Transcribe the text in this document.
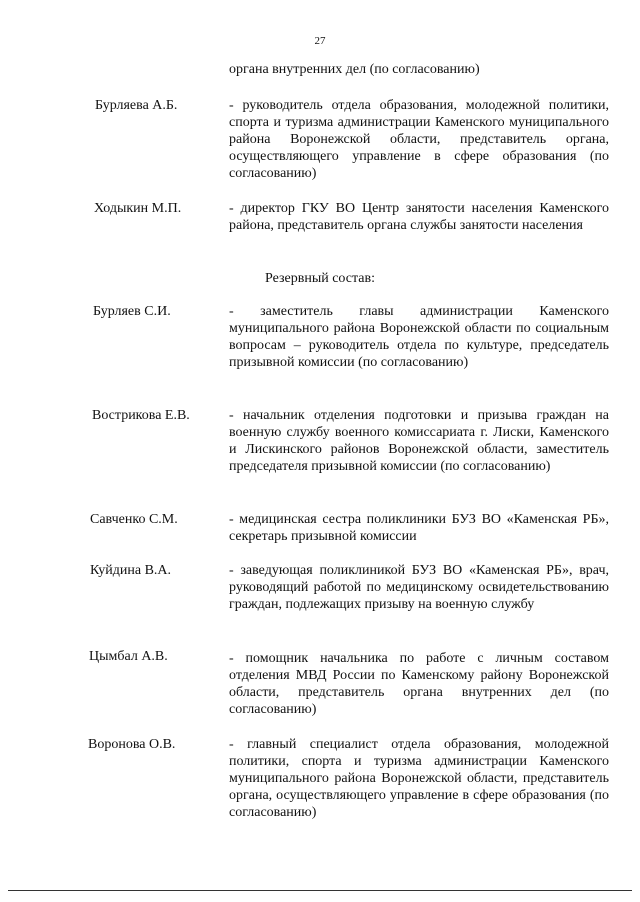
27
органа внутренних дел (по согласованию)
Бурляева А.Б.	- руководитель отдела образования, молодежной политики, спорта и туризма администрации Каменского муниципального района Воронежской области, представитель органа, осуществляющего управление в сфере образования (по согласованию)
Ходыкин М.П.	- директор ГКУ ВО Центр занятости населения Каменского района, представитель органа службы занятости населения
Резервный состав:
Бурляев С.И.	- заместитель главы администрации Каменского муниципального района Воронежской области по социальным вопросам – руководитель отдела по культуре, председатель призывной комиссии (по согласованию)
Вострикова Е.В.	- начальник отделения подготовки и призыва граждан на военную службу военного комиссариата г. Лиски, Каменского и Лискинского районов Воронежской области, заместитель председателя призывной комиссии (по согласованию)
Савченко С.М.	- медицинская сестра поликлиники БУЗ ВО «Каменская РБ», секретарь призывной комиссии
Куйдина В.А.	- заведующая поликлиникой БУЗ ВО «Каменская РБ», врач, руководящий работой по медицинскому освидетельствованию граждан, подлежащих призыву на военную службу
Цымбал А.В.	- помощник начальника по работе с личным составом отделения МВД России по Каменскому району Воронежской области, представитель органа внутренних дел (по согласованию)
Воронова О.В.	- главный специалист отдела образования, молодежной политики, спорта и туризма администрации Каменского муниципального района Воронежской области, представитель органа, осуществляющего управление в сфере образования (по согласованию)
